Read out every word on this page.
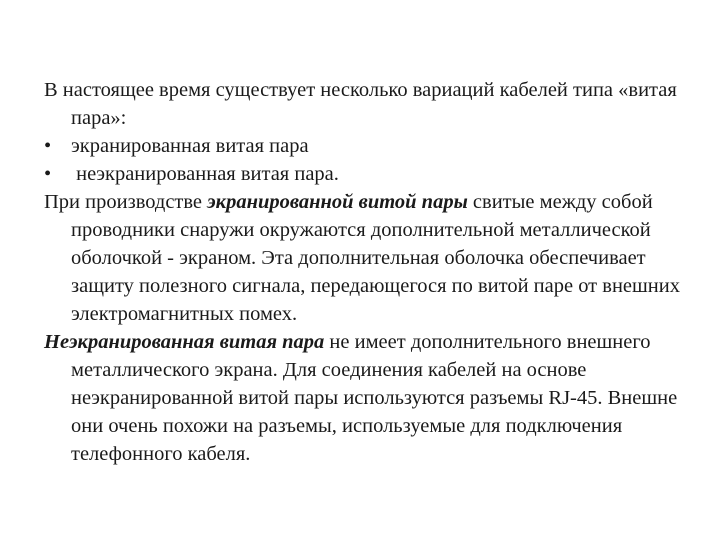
В настоящее время существует несколько вариаций кабелей типа «витая пара»:

• экранированная витая пара
• неэкранированная витая пара.

При производстве экранированной витой пары свитые между собой проводники снаружи окружаются дополнительной металлической оболочкой - экраном. Эта дополнительная оболочка обеспечивает защиту полезного сигнала, передающегося по витой паре от внешних электромагнитных помех.

Неэкранированная витая пара не имеет дополнительного внешнего металлического экрана. Для соединения кабелей на основе неэкранированной витой пары используются разъемы RJ-45. Внешне они очень похожи на разъемы, используемые для подключения телефонного кабеля.
